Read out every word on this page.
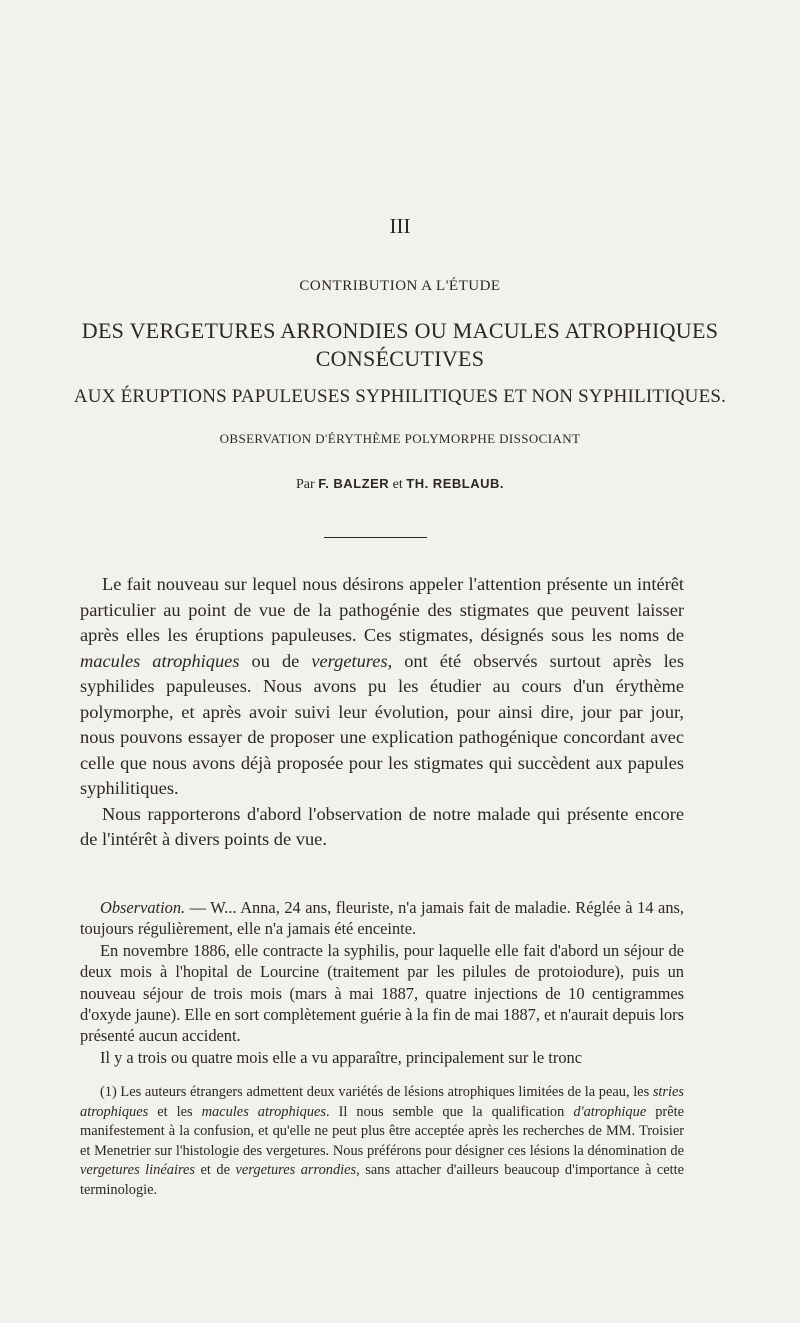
III
CONTRIBUTION A L'ÉTUDE
DES VERGETURES ARRONDIES OU MACULES ATROPHIQUES
CONSÉCUTIVES
AUX ÉRUPTIONS PAPULEUSES SYPHILITIQUES ET NON SYPHILITIQUES.
OBSERVATION D'ÉRYTHÈME POLYMORPHE DISSOCIANT
Par F. BALZER et TH. REBLAUB.

Le fait nouveau sur lequel nous désirons appeler l'attention présente un intérêt particulier au point de vue de la pathogénie des stigmates que peuvent laisser après elles les éruptions papuleuses. Ces stigmates, désignés sous les noms de macules atrophiques ou de vergetures, ont été observés surtout après les syphilides papuleuses. Nous avons pu les étudier au cours d'un érythème polymorphe, et après avoir suivi leur évolution, pour ainsi dire, jour par jour, nous pouvons essayer de proposer une explication pathogénique concordant avec celle que nous avons déjà proposée pour les stigmates qui succèdent aux papules syphilitiques.

Nous rapporterons d'abord l'observation de notre malade qui présente encore de l'intérêt à divers points de vue.

Observation. — W... Anna, 24 ans, fleuriste, n'a jamais fait de maladie. Réglée à 14 ans, toujours régulièrement, elle n'a jamais été enceinte.

En novembre 1886, elle contracte la syphilis, pour laquelle elle fait d'abord un séjour de deux mois à l'hopital de Lourcine (traitement par les pilules de protoiodure), puis un nouveau séjour de trois mois (mars à mai 1887, quatre injections de 10 centigrammes d'oxyde jaune). Elle en sort complètement guérie à la fin de mai 1887, et n'aurait depuis lors présenté aucun accident.

Il y a trois ou quatre mois elle a vu apparaître, principalement sur le tronc

(1) Les auteurs étrangers admettent deux variétés de lésions atrophiques limitées de la peau, les stries atrophiques et les macules atrophiques. Il nous semble que la qualification d'atrophique prête manifestement à la confusion, et qu'elle ne peut plus être acceptée après les recherches de MM. Troisier et Menetrier sur l'histologie des vergetures. Nous préférons pour désigner ces lésions la dénomination de vergetures linéaires et de vergetures arrondies, sans attacher d'ailleurs beaucoup d'importance à cette terminologie.
